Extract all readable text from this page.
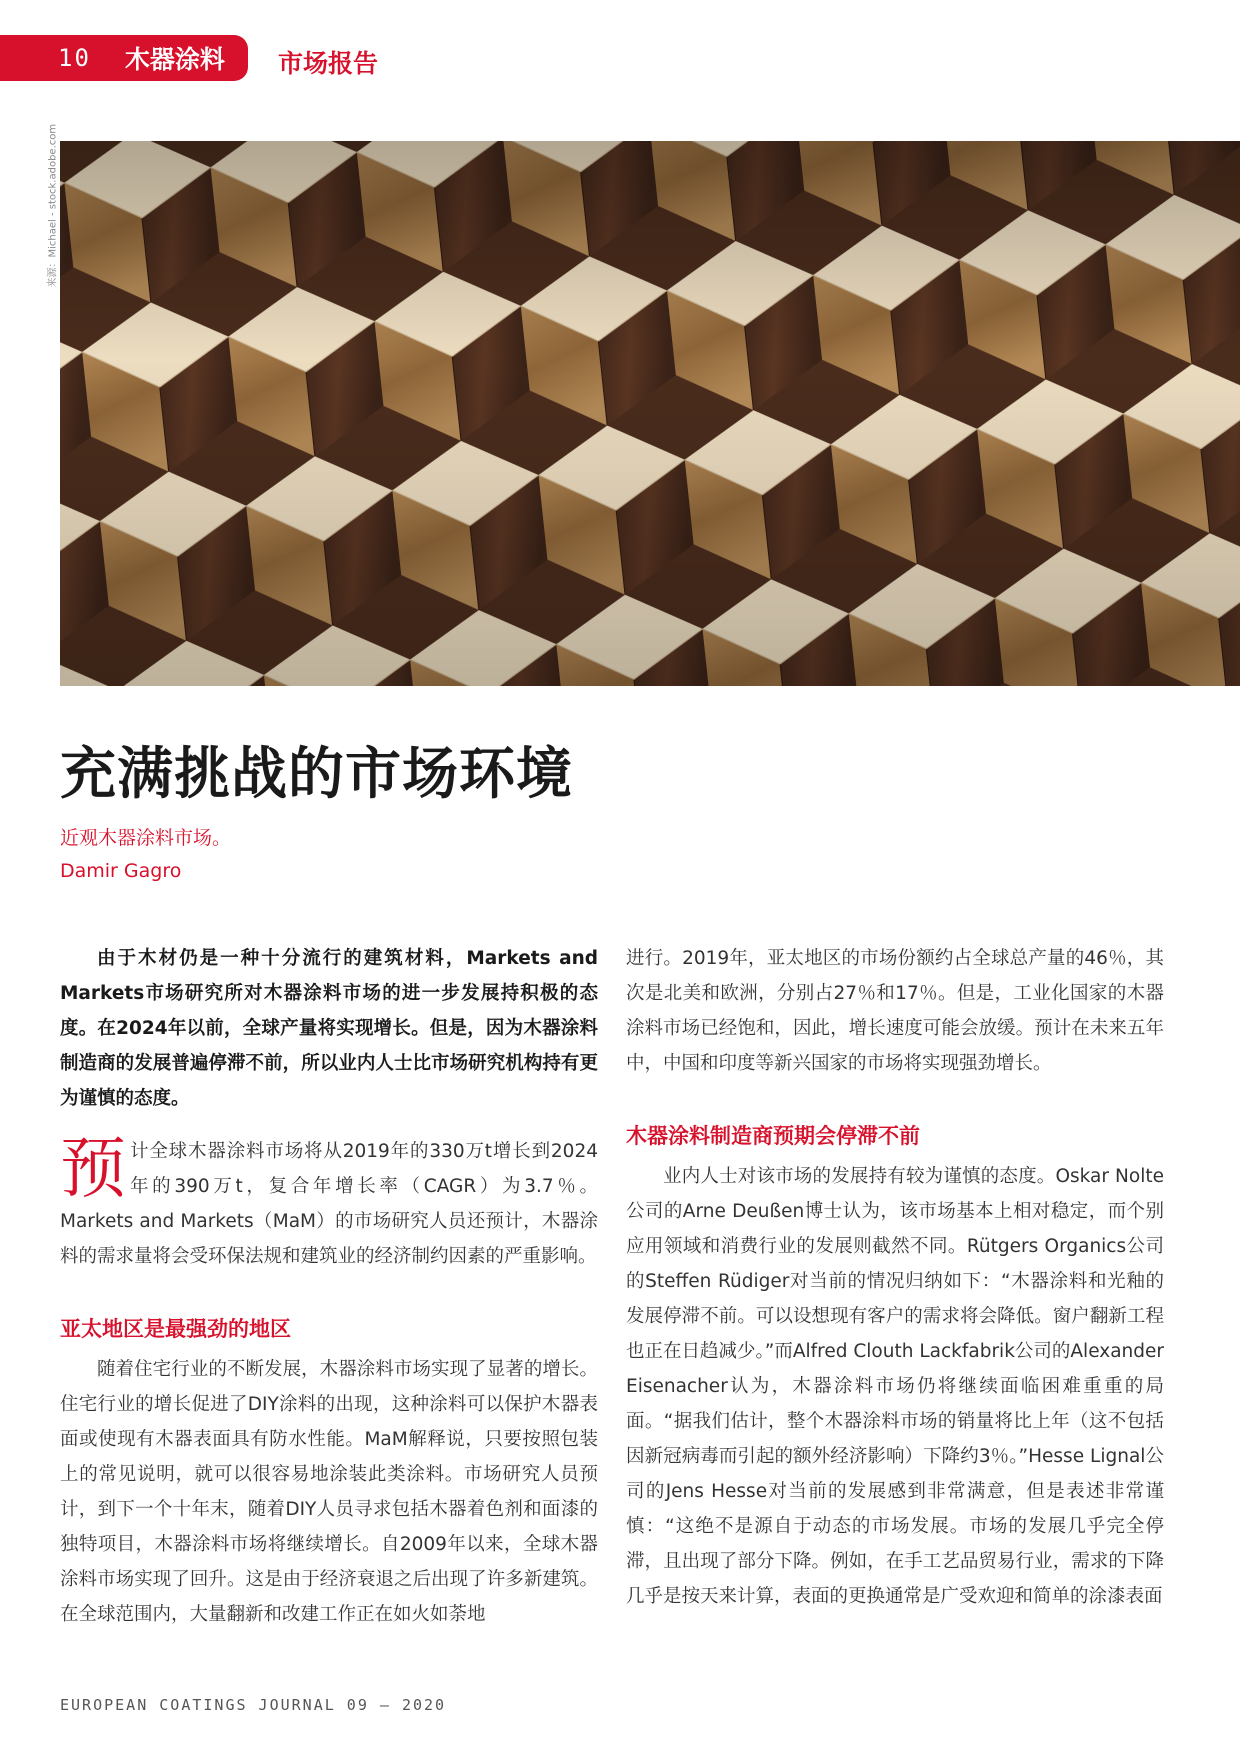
10 木器涂料 市场报告
来源：Michael - stock.adobe.com
充满挑战的市场环境
近观木器涂料市场。
Damir Gagro

由于木材仍是一种十分流行的建筑材料，Markets and Markets市场研究所对木器涂料市场的进一步发展持积极的态度。在2024年以前，全球产量将实现增长。但是，因为木器涂料制造商的发展普遍停滞不前，所以业内人士比市场研究机构持有更为谨慎的态度。

预计全球木器涂料市场将从2019年的330万t增长到2024年的390万t，复合年增长率（CAGR）为3.7％。Markets and Markets（MaM）的市场研究人员还预计，木器涂料的需求量将会受环保法规和建筑业的经济制约因素的严重影响。

亚太地区是最强劲的地区

随着住宅行业的不断发展，木器涂料市场实现了显著的增长。住宅行业的增长促进了DIY涂料的出现，这种涂料可以保护木器表面或使现有木器表面具有防水性能。MaM解释说，只要按照包装上的常见说明，就可以很容易地涂装此类涂料。市场研究人员预计，到下一个十年末，随着DIY人员寻求包括木器着色剂和面漆的独特项目，木器涂料市场将继续增长。自2009年以来，全球木器涂料市场实现了回升。这是由于经济衰退之后出现了许多新建筑。在全球范围内，大量翻新和改建工作正在如火如荼地

进行。2019年，亚太地区的市场份额约占全球总产量的46％，其次是北美和欧洲，分别占27％和17％。但是，工业化国家的木器涂料市场已经饱和，因此，增长速度可能会放缓。预计在未来五年中，中国和印度等新兴国家的市场将实现强劲增长。

木器涂料制造商预期会停滞不前

业内人士对该市场的发展持有较为谨慎的态度。Oskar Nolte公司的Arne Deußen博士认为，该市场基本上相对稳定，而个别应用领域和消费行业的发展则截然不同。Rütgers Organics公司的Steffen Rüdiger对当前的情况归纳如下：“木器涂料和光釉的发展停滞不前。可以设想现有客户的需求将会降低。窗户翻新工程也正在日趋减少。”而Alfred Clouth Lackfabrik公司的Alexander Eisenacher认为，木器涂料市场仍将继续面临困难重重的局面。“据我们估计，整个木器涂料市场的销量将比上年（这不包括因新冠病毒而引起的额外经济影响）下降约3％。”Hesse Lignal公司的Jens Hesse对当前的发展感到非常满意，但是表述非常谨慎：“这绝不是源自于动态的市场发展。市场的发展几乎完全停滞，且出现了部分下降。例如，在手工艺品贸易行业，需求的下降几乎是按天来计算，表面的更换通常是广受欢迎和简单的涂漆表面

EUROPEAN COATINGS JOURNAL 09 – 2020
